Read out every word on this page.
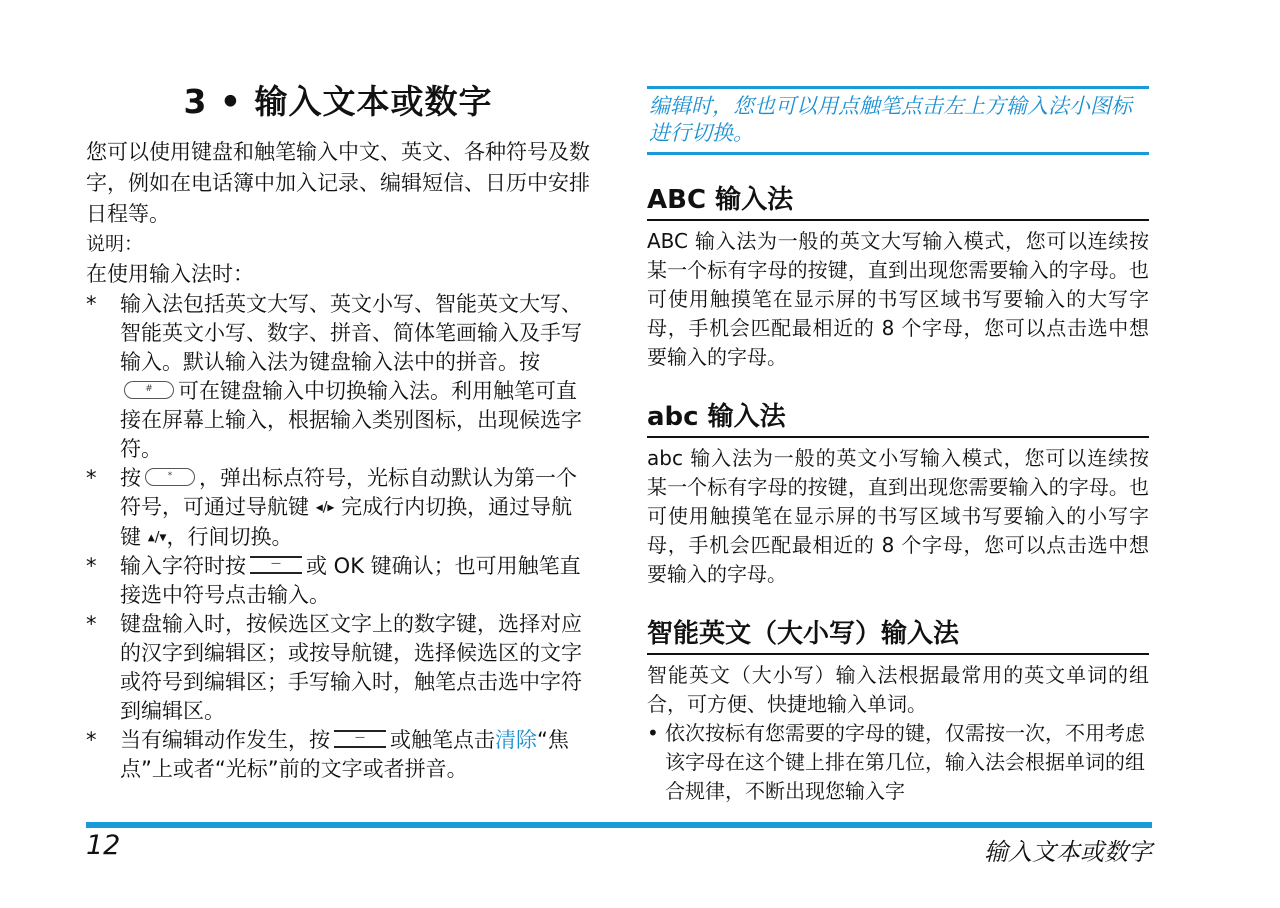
3 • 输入文本或数字

您可以使用键盘和触笔输入中文、英文、各种符号及数字，例如在电话簿中加入记录、编辑短信、日历中安排日程等。

说明：

在使用输入法时：

* 输入法包括英文大写、英文小写、智能英文大写、智能英文小写、数字、拼音、简体笔画输入及手写输入。默认输入法为键盘输入法中的拼音。按# 可在键盘输入中切换输入法。利用触笔可直接在屏幕上输入，根据输入类别图标，出现候选字符。
* 按	* ，弹出标点符号，光标自动默认为第一个符号，可通过导航键 ◂/▸ 完成行内切换，通过导航键 ▴/▾，行间切换。
* 输入字符时按	— 或 OK 键确认；也可用触笔直接选中符号点击输入。
* 键盘输入时，按候选区文字上的数字键，选择对应的汉字到编辑区；或按导航键，选择候选区的文字或符号到编辑区；手写输入时，触笔点击选中字符到编辑区。
* 当有编辑动作发生，按	— 或触笔点击清除“焦点”上或者“光标”前的文字或者拼音。
编辑时，您也可以用点触笔点击左上方输入法小图标进行切换。
ABC 输入法

ABC 输入法为一般的英文大写输入模式，您可以连续按某一个标有字母的按键，直到出现您需要输入的字母。也可使用触摸笔在显示屏的书写区域书写要输入的大写字母，手机会匹配最相近的 8 个字母，您可以点击选中想要输入的字母。

abc 输入法

abc 输入法为一般的英文小写输入模式，您可以连续按某一个标有字母的按键，直到出现您需要输入的字母。也可使用触摸笔在显示屏的书写区域书写要输入的小写字母，手机会匹配最相近的 8 个字母，您可以点击选中想要输入的字母。

智能英文（大小写）输入法

智能英文（大小写）输入法根据最常用的英文单词的组合，可方便、快捷地输入单词。

• 依次按标有您需要的字母的键，仅需按一次，不用考虑该字母在这个键上排在第几位，输入法会根据单词的组合规律，不断出现您输入字
12	输入文本或数字
